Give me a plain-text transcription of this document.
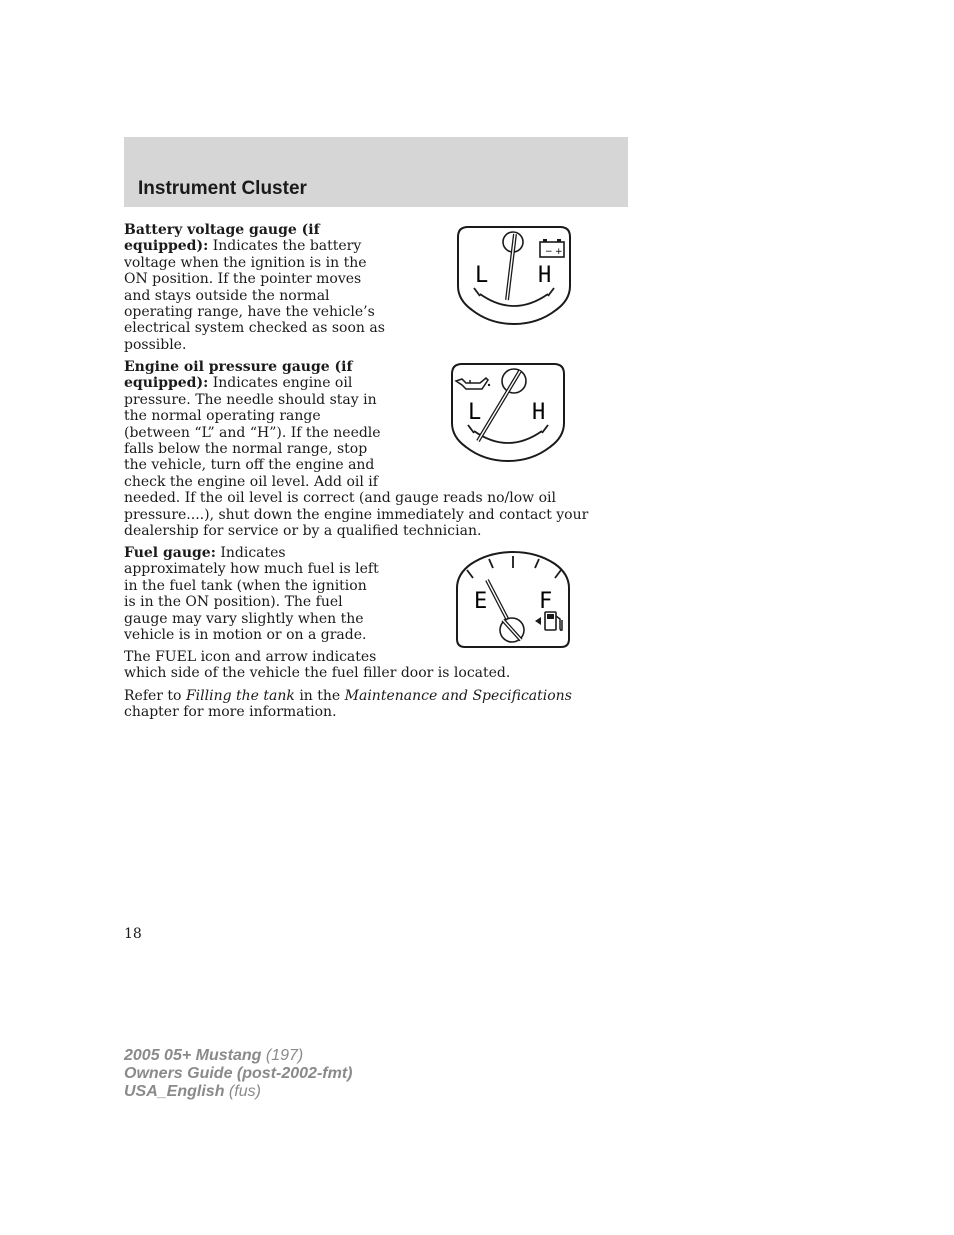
Instrument Cluster
Battery voltage gauge (if
equipped): Indicates the battery
voltage when the ignition is in the
ON position. If the pointer moves
and stays outside the normal
operating range, have the vehicle’s
electrical system checked as soon as
possible.
− +
L H
Engine oil pressure gauge (if
equipped): Indicates engine oil
pressure. The needle should stay in
the normal operating range
(between “L” and “H”). If the needle
falls below the normal range, stop
the vehicle, turn off the engine and
check the engine oil level. Add oil if
needed. If the oil level is correct (and gauge reads no/low oil
pressure....), shut down the engine immediately and contact your
dealership for service or by a qualified technician.
L H
Fuel gauge: Indicates
approximately how much fuel is left
in the fuel tank (when the ignition
is in the ON position). The fuel
gauge may vary slightly when the
vehicle is in motion or on a grade.
E F
The FUEL icon and arrow indicates
which side of the vehicle the fuel filler door is located.
Refer to Filling the tank in the Maintenance and Specifications
chapter for more information.

18

2005 05+ Mustang (197)
Owners Guide (post-2002-fmt)
USA_English (fus)
